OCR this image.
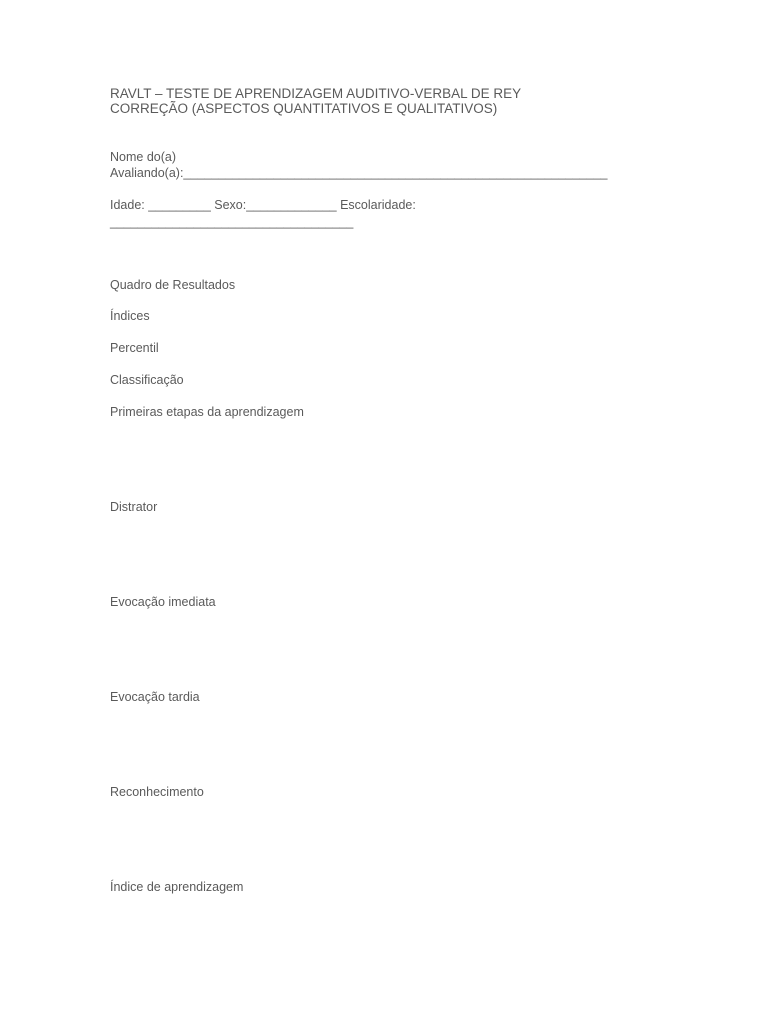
RAVLT – TESTE DE APRENDIZAGEM AUDITIVO-VERBAL DE REY
CORREÇÃO (ASPECTOS QUANTITATIVOS E QUALITATIVOS)
Nome do(a)
Avaliando(a):_____________________________________________________________
Idade: _________ Sexo:_____________ Escolaridade:
___________________________________
Quadro de Resultados
Índices
Percentil
Classificação
Primeiras etapas da aprendizagem
Distrator
Evocação imediata
Evocação tardia
Reconhecimento
Índice de aprendizagem
